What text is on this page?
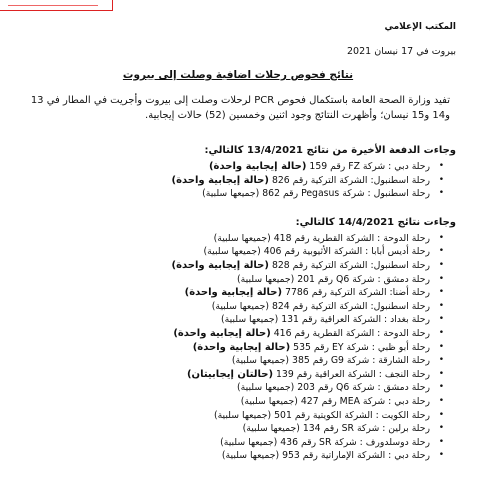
المكتب الإعلامي
بيروت في 17 نيسان 2021
نتائج فحوص رحلات اضافية وصلت إلى بيروت
تفيد وزارة الصحة العامة باستكمال فحوص PCR لرحلات وصلت إلى بيروت وأجريت في المطار في 13 و14 و15 نيسان؛ وأظهرت النتائج وجود اثنين وخمسين (52) حالات إيجابية.
وجاءت الدفعة الأخيرة من نتائج 13/4/2021 كالتالي:
• رحلة دبي : شركة FZ رقم 159 (حالة إيجابية واحدة)
• رحلة اسطنبول: الشركة التركية رقم 826 (حالة إيجابية واحدة)
• رحلة اسطنبول : شركة Pegasus رقم 862 (جميعها سلبية)
وجاءت نتائج 14/4/2021 كالتالي:
• رحلة الدوحة : الشركة القطرية رقم 418 (جميعها سلبية)
• رحلة أديس أبابا : الشركة الأثيوبية رقم 406 (جميعها سلبية)
• رحلة اسطنبول: الشركة التركية رقم 828 (حالة إيجابية واحدة)
• رحلة دمشق : شركة Q6 رقم 201 (جميعها سلبية)
• رحلة أضنا: الشركة التركية رقم 7786 (حالة إيجابية واحدة)
• رحلة اسطنبول: الشركة التركية رقم 824 (جميعها سلبية)
• رحلة بغداد : الشركة العراقية رقم 131 (جميعها سلبية)
• رحلة الدوحة : الشركة القطرية رقم 416 (حالة إيجابية واحدة)
• رحلة أبو ظبي : شركة EY رقم 535 (حالة إيجابية واحدة)
• رحلة الشارقة : شركة G9 رقم 385 (جميعها سلبية)
• رحلة النجف : الشركة العراقية رقم 139 (حالتان إيجابيتان)
• رحلة دمشق : شركة Q6 رقم 203 (جميعها سلبية)
• رحلة دبي : شركة MEA رقم 427 (جميعها سلبية)
• رحلة الكويت : الشركة الكويتية رقم 501 (جميعها سلبية)
• رحلة برلين : شركة SR رقم 134 (جميعها سلبية)
• رحلة دوسلدورف : شركة SR رقم 436 (جميعها سلبية)
• رحلة دبي : الشركة الإماراتية رقم 953 (جميعها سلبية)
